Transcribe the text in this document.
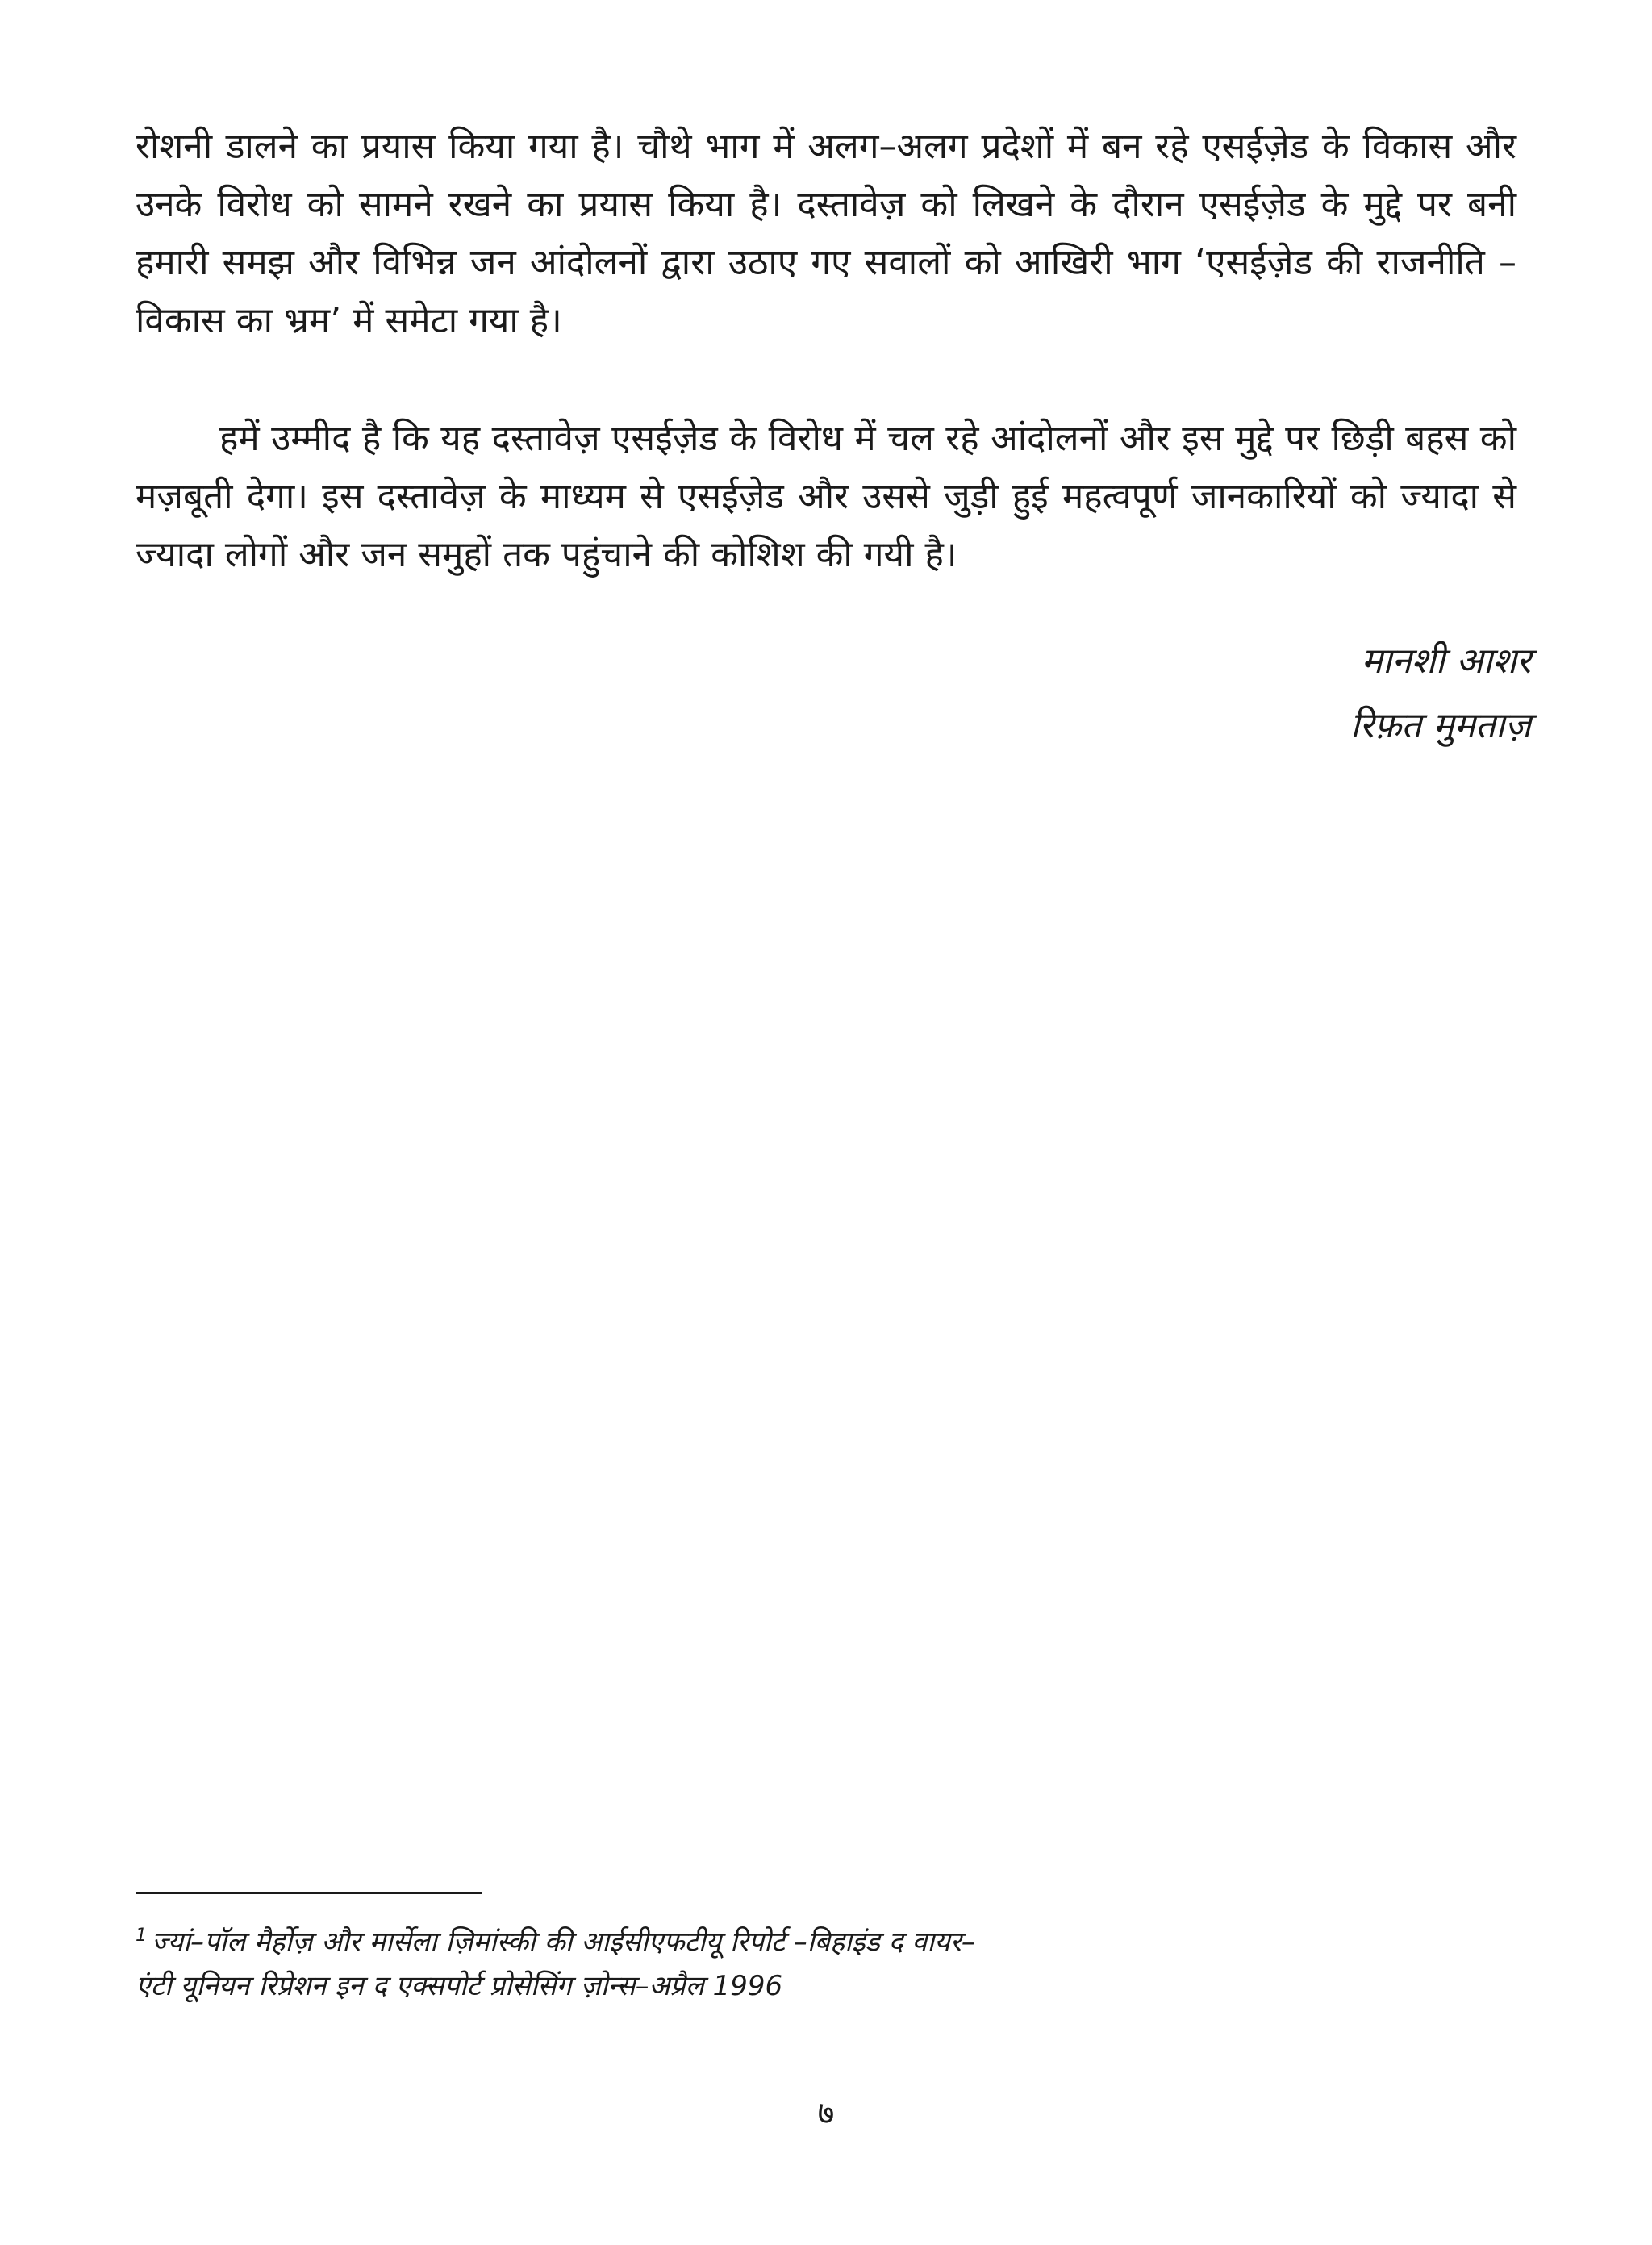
रोशनी डालने का प्रयास किया गया है। चौथे भाग में अलग–अलग प्रदेशों में बन रहे एसईज़ेड के विकास और उनके विरोध को सामने रखने का प्रयास किया है। दस्तावेज़ को लिखने के दौरान एसईज़ेड के मुद्दे पर बनी हमारी समझ और विभिन्न जन आंदोलनों द्वारा उठाए गए सवालों को आखिरी भाग ‘एसईज़ेड की राजनीति – विकास का भ्रम’ में समेटा गया है।

हमें उम्मीद है कि यह दस्तावेज़ एसईज़ेड के विरोध में चल रहे आंदोलनों और इस मुद्दे पर छिड़ी बहस को मज़बूती देगा। इस दस्तावेज़ के माध्यम से एसईज़ेड और उससे जुड़ी हुई महत्वपूर्ण जानकारियों को ज्यादा से ज्यादा लोगों और जन समुहों तक पहुंचाने की कोशिश की गयी है।

मानशी आशर

रिफ़त मुमताज़

$^1$ ज्यां–पॉल मैर्होज़ और मार्सेला ज़िमांस्की की आईसीएफटीयू रिपोर्ट –बिहाइंड द वायर–

एंटी यूनियन रिप्रेशन इन द एक्सपोर्ट प्रोसेसिंग ज़ोन्स–अप्रैल 1996

७
